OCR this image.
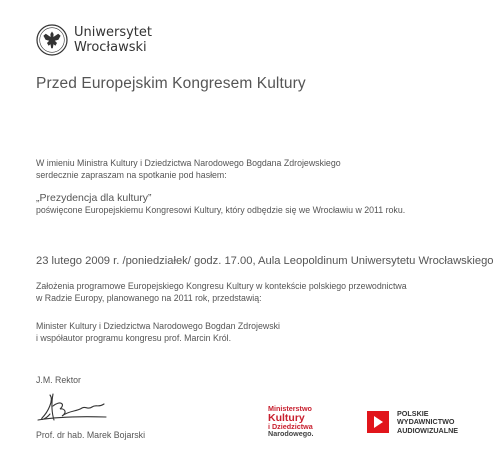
Uniwersytet
Wrocławski
Przed Europejskim Kongresem Kultury
W imieniu Ministra Kultury i Dziedzictwa Narodowego Bogdana Zdrojewskiego
serdecznie zapraszam na spotkanie pod hasłem:
„Prezydencja dla kultury”
poświęcone Europejskiemu Kongresowi Kultury, który odbędzie się we Wrocławiu w 2011 roku.
23 lutego 2009 r. /poniedziałek/ godz. 17.00, Aula Leopoldinum Uniwersytetu Wrocławskiego
Założenia programowe Europejskiego Kongresu Kultury w kontekście polskiego przewodnictwa
w Radzie Europy, planowanego na 2011 rok, przedstawią:
Minister Kultury i Dziedzictwa Narodowego Bogdan Zdrojewski
i współautor programu kongresu prof. Marcin Król.
J.M. Rektor
Prof. dr hab. Marek Bojarski
Ministerstwo
Kultury
i Dziedzictwa
Narodowego.
POLSKIE
WYDAWNICTWO
AUDIOWIZUALNE
